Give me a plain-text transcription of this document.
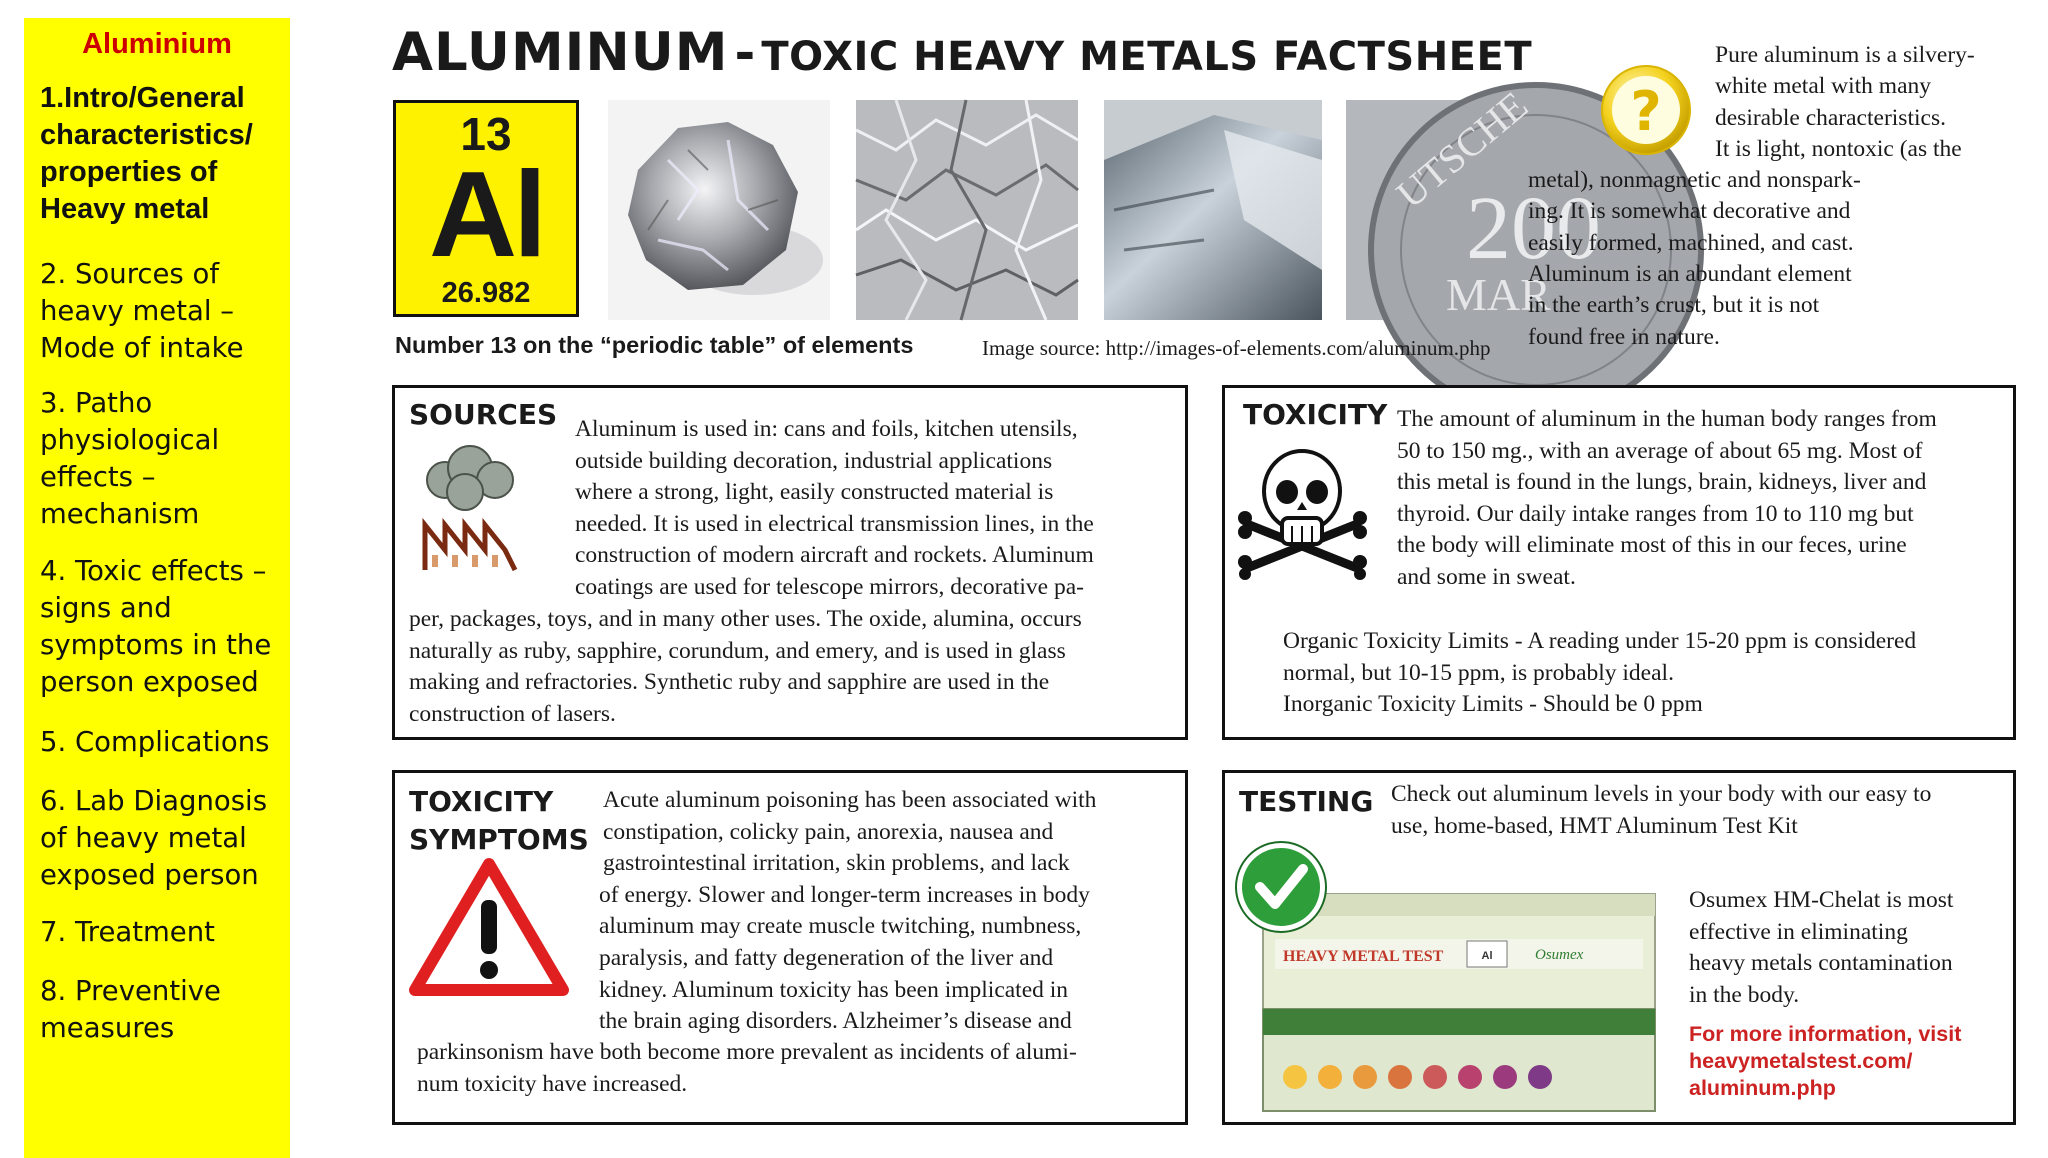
Aluminium
1.Intro/General characteristics/ properties of Heavy metal
2. Sources of heavy metal – Mode of intake
3. Patho physiological effects – mechanism
4. Toxic effects – signs and symptoms in the person exposed
5. Complications
6. Lab Diagnosis of heavy metal exposed person
7. Treatment
8. Preventive measures
ALUMINUM - TOXIC HEAVY METALS FACTSHEET
13
Al
26.982
UTSCHE
200
MAR
Number 13 on the “periodic table” of elements	Image source: http://images-of-elements.com/aluminum.php
?
Pure aluminum is a silvery-
white metal with many
desirable characteristics.
It is light, nontoxic (as the
metal), nonmagnetic and nonspark-
ing. It is somewhat decorative and
easily formed, machined, and cast.
Aluminum is an abundant element
in the earth’s crust, but it is not
found free in nature.
SOURCES Aluminum is used in: cans and foils, kitchen utensils,
outside building decoration, industrial applications
where a strong, light, easily constructed material is
needed. It is used in electrical transmission lines, in the
construction of modern aircraft and rockets. Aluminum
coatings are used for telescope mirrors, decorative pa-
per, packages, toys, and in many other uses. The oxide, alumina, occurs
naturally as ruby, sapphire, corundum, and emery, and is used in glass
making and refractories. Synthetic ruby and sapphire are used in the
construction of lasers.
TOXICITY The amount of aluminum in the human body ranges from
50 to 150 mg., with an average of about 65 mg. Most of
this metal is found in the lungs, brain, kidneys, liver and
thyroid. Our daily intake ranges from 10 to 110 mg but
the body will eliminate most of this in our feces, urine
and some in sweat.
Organic Toxicity Limits - A reading under 15-20 ppm is considered
normal, but 10-15 ppm, is probably ideal.
Inorganic Toxicity Limits - Should be 0 ppm
TOXICITY
SYMPTOMS
Acute aluminum poisoning has been associated with
constipation, colicky pain, anorexia, nausea and
gastrointestinal irritation, skin problems, and lack
of energy. Slower and longer-term increases in body
aluminum may create muscle twitching, numbness,
paralysis, and fatty degeneration of the liver and
kidney. Aluminum toxicity has been implicated in
the brain aging disorders. Alzheimer’s disease and
parkinsonism have both become more prevalent as incidents of alumi-
num toxicity have increased.
TESTING Check out aluminum levels in your body with our easy to
use, home-based, HMT Aluminum Test Kit
HEAVY METAL TEST	Al	Osumex
Osumex HM-Chelat is most
effective in eliminating
heavy metals contamination
in the body.
For more information, visit
heavymetalstest.com/
aluminum.php
